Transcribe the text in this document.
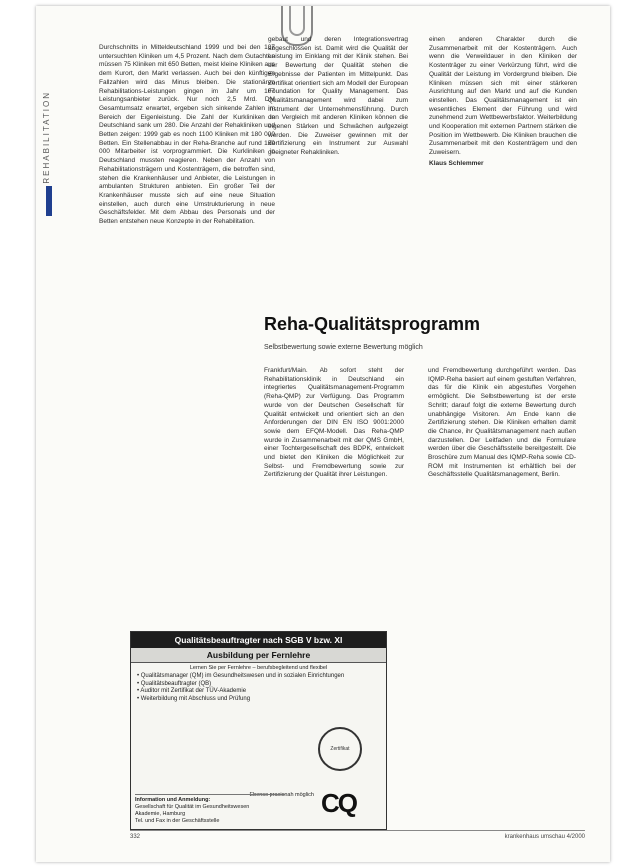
REHABILITATION

Durchschnitts in Mitteldeutschland 1999 und bei den 107 untersuchten Kliniken um 4,5 Prozent. Nach dem Gutachten müssen 75 Kliniken mit 650 Betten, meist kleine Kliniken aus dem Kurort, den Markt verlassen. Auch bei den künftigen Fallzahlen wird das Minus bleiben. Die stationären Rehabilitations-Leistungen gingen im Jahr um 107 Leistungsanbieter zurück. Nur noch 2,5 Mrd. DM Gesamtumsatz erwartet, ergeben sich sinkende Zahlen im Bereich der Eigenleistung. Die Zahl der Kurkliniken in Deutschland sank um 280. Die Anzahl der Rehakliniken und Betten zeigen: 1999 gab es noch 1100 Kliniken mit 180 000 Betten. Ein Stellenabbau in der Reha-Branche auf rund 160 000 Mitarbeiter ist vorprogrammiert. Die Kurkliniken in Deutschland mussten reagieren. Neben der Anzahl von Rehabilitationsträgern und Kostenträgern, die betroffen sind, stehen die Krankenhäuser und Anbieter, die Leistungen in ambulanten Strukturen anbieten. Ein großer Teil der Krankenhäuser musste sich auf eine neue Situation einstellen, auch durch eine Umstrukturierung in neue Geschäftsfelder. Mit dem Abbau des Personals und der Betten entstehen neue Konzepte in der Rehabilitation.

gebaut und deren Integrationsvertrag abgeschlossen ist. Damit wird die Qualität der Leistung im Einklang mit der Klinik stehen. Bei der Bewertung der Qualität stehen die Ergebnisse der Patienten im Mittelpunkt. Das Zertifikat orientiert sich am Modell der European Foundation for Quality Management. Das Qualitätsmanagement wird dabei zum Instrument der Unternehmensführung. Durch den Vergleich mit anderen Kliniken können die eigenen Stärken und Schwächen aufgezeigt werden. Die Zuweiser gewinnen mit der Zertifizierung ein Instrument zur Auswahl geeigneter Rehakliniken.

einen anderen Charakter durch die Zusammenarbeit mit der Kostenträgern. Auch wenn die Verweildauer in den Kliniken der Kostenträger zu einer Verkürzung führt, wird die Qualität der Leistung im Vordergrund bleiben. Die Kliniken müssen sich mit einer stärkeren Ausrichtung auf den Markt und auf die Kunden einstellen. Das Qualitätsmanagement ist ein wesentliches Element der Führung und wird zunehmend zum Wettbewerbsfaktor. Weiterbildung und Kooperation mit externen Partnern stärken die Position im Wettbewerb. Die Kliniken brauchen die Zusammenarbeit mit den Kostenträgern und den Zuweisern.

Klaus Schlemmer
Reha-Qualitätsprogramm
Selbstbewertung sowie externe Bewertung möglich

Frankfurt/Main. Ab sofort steht der Rehabilitationsklinik in Deutschland ein integriertes Qualitätsmanagement-Programm (Reha-QMP) zur Verfügung. Das Programm wurde von der Deutschen Gesellschaft für Qualität entwickelt und orientiert sich an den Anforderungen der DIN EN ISO 9001:2000 sowie dem EFQM-Modell. Das Reha-QMP wurde in Zusammenarbeit mit der QMS GmbH, einer Tochtergesellschaft des BDPK, entwickelt und bietet den Kliniken die Möglichkeit zur Selbst- und Fremdbewertung sowie zur Zertifizierung der Qualität ihrer Leistungen.

und Fremdbewertung durchgeführt werden. Das IQMP-Reha basiert auf einem gestuften Verfahren, das für die Klinik ein abgestuftes Vorgehen ermöglicht. Die Selbstbewertung ist der erste Schritt; darauf folgt die externe Bewertung durch unabhängige Visitoren. Am Ende kann die Zertifizierung stehen. Die Kliniken erhalten damit die Chance, ihr Qualitätsmanagement nach außen darzustellen. Der Leitfaden und die Formulare werden über die Geschäftsstelle bereitgestellt. Die Broschüre zum Manual des IQMP-Reha sowie CD-ROM mit Instrumenten ist erhältlich bei der Geschäftsstelle Qualitätsmanagement, Berlin.

Qualitätsbeauftragter nach SGB V bzw. XI
Ausbildung per Fernlehre
Lernen Sie per Fernlehre – berufsbegleitend und flexibel
• Qualitätsmanager (QM) im Gesundheitswesen und in sozialen Einrichtungen
• Qualitätsbeauftragter (QB)
• Auditor mit Zertifikat der TÜV-Akademie
• Weiterbildung mit Abschluss und Prüfung
Zertifikat
Ebenso praxisnah möglich
Information und Anmeldung:
Gesellschaft für Qualität im Gesundheitswesen
Akademie, Hamburg
Tel. und Fax in der Geschäftsstelle
CQ
332	krankenhaus umschau 4/2000
